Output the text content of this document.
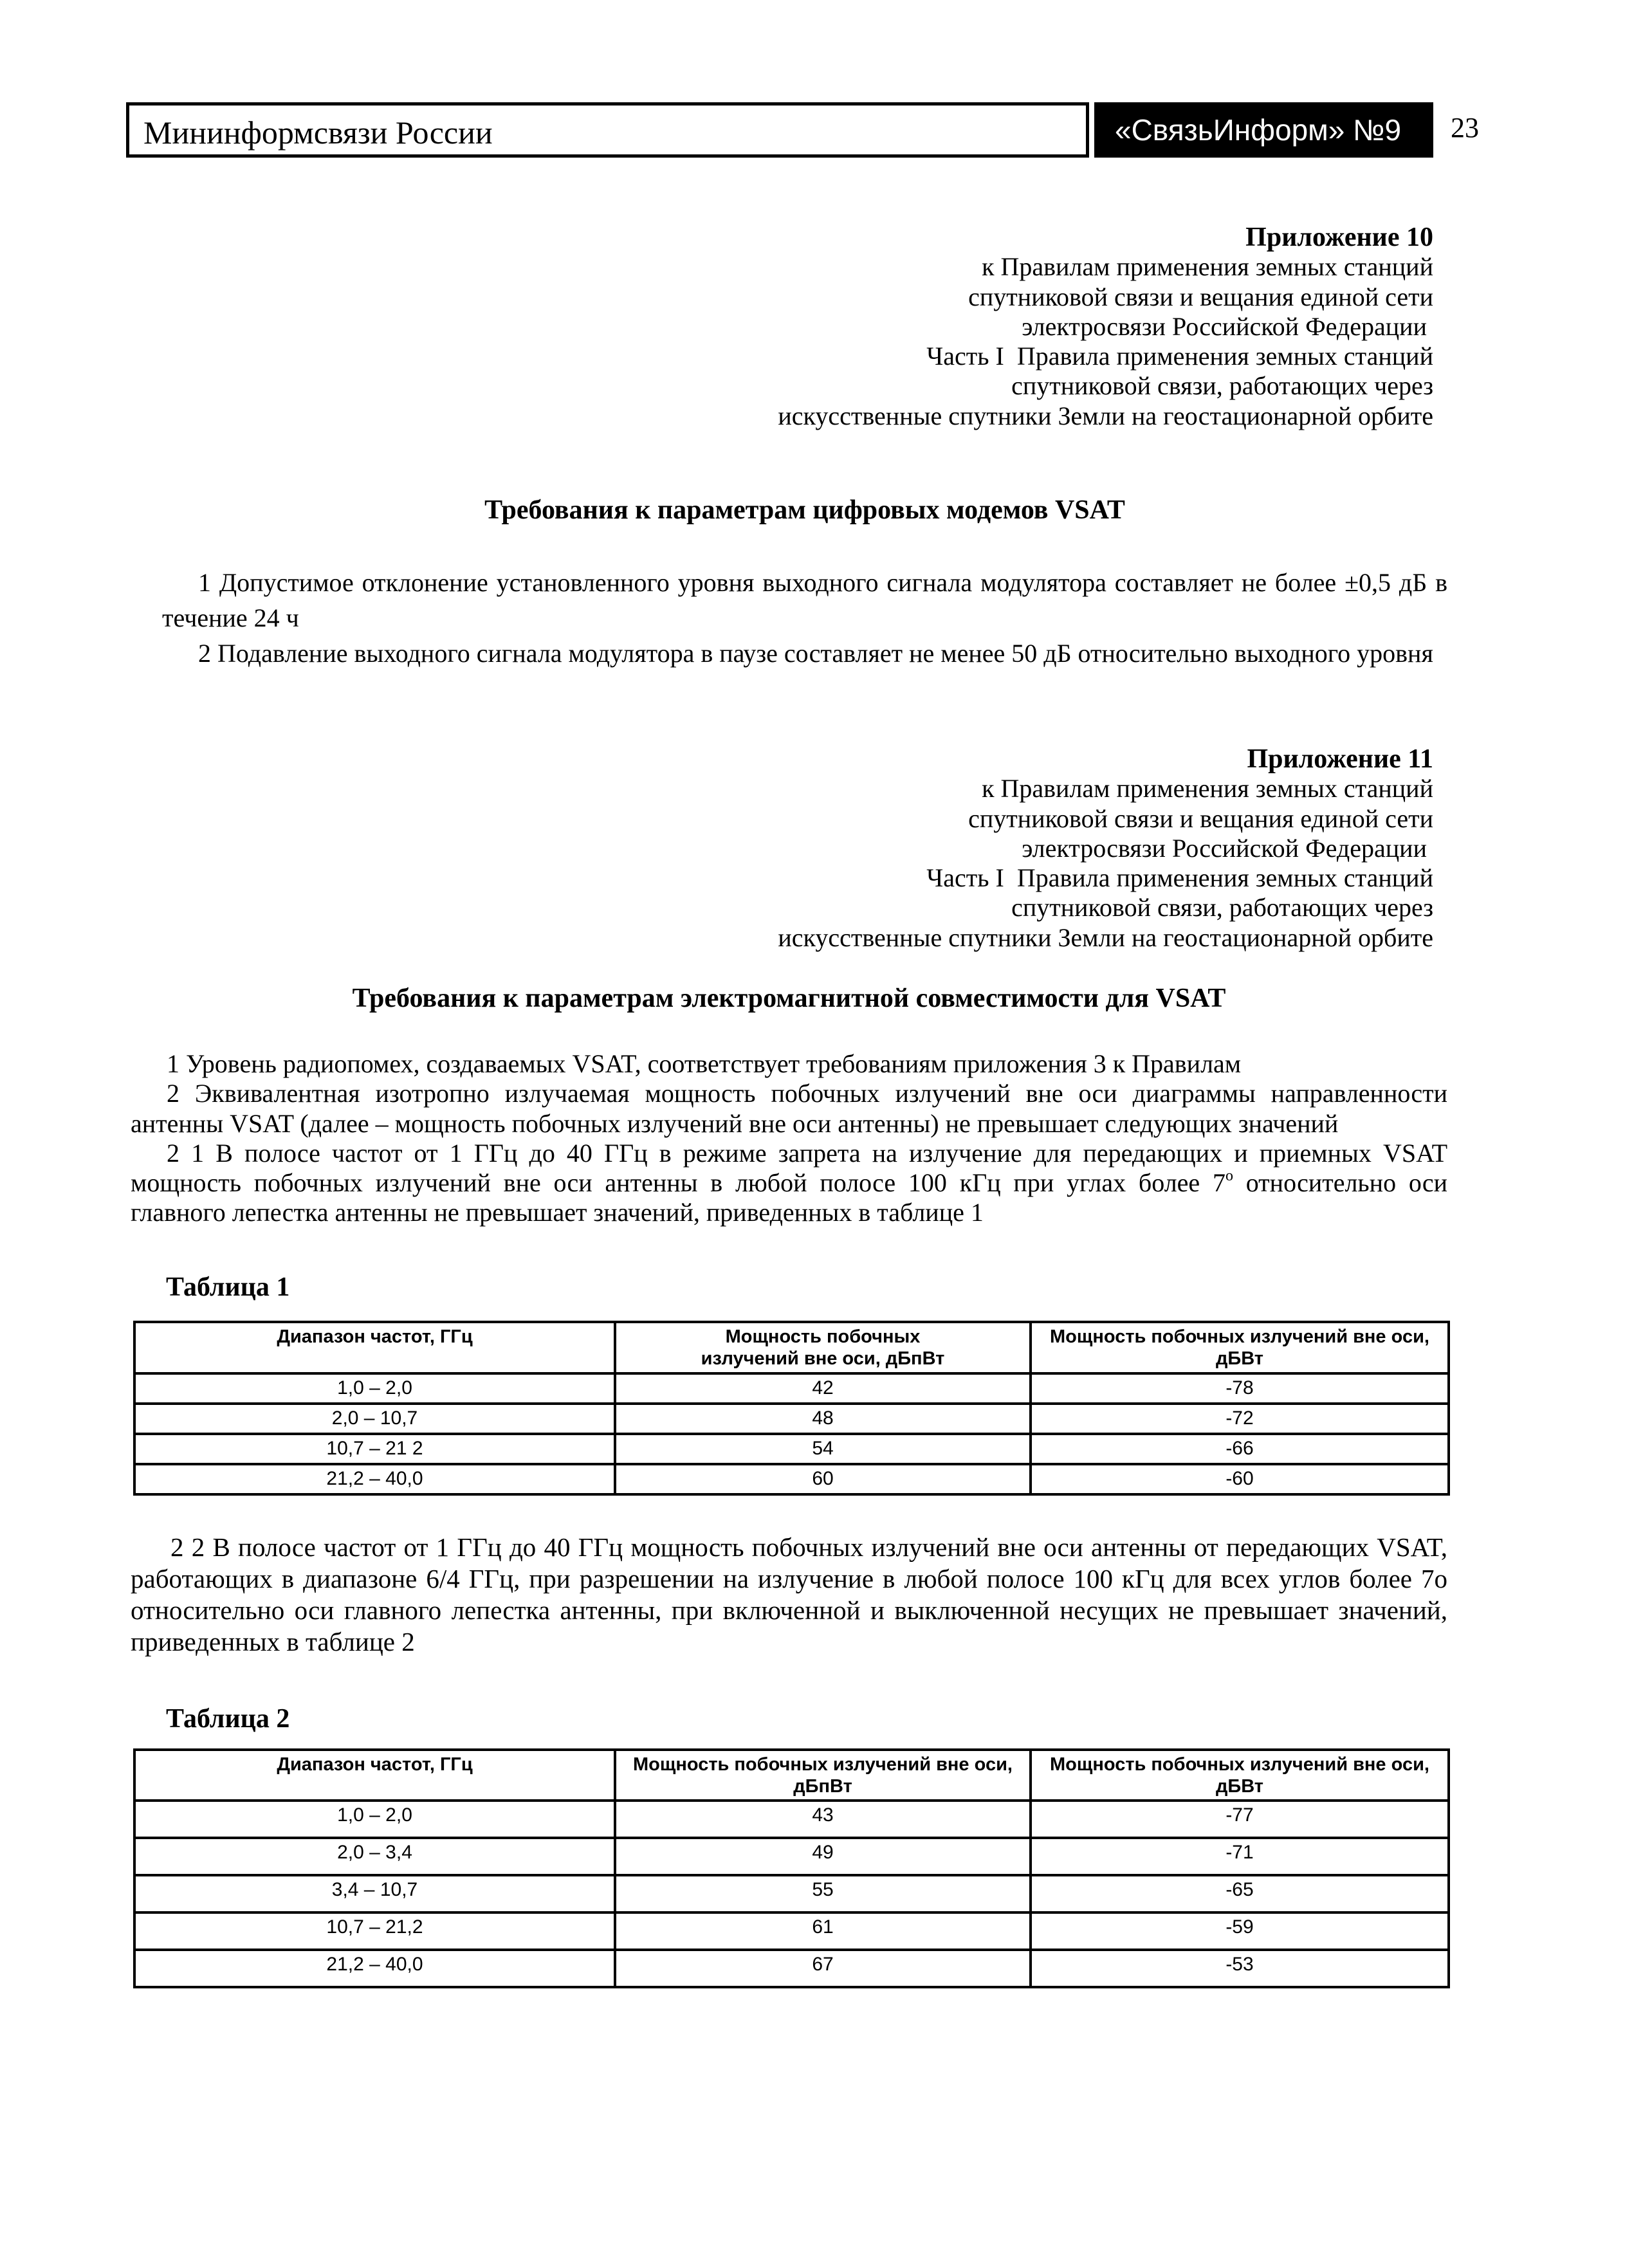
Мининформсвязи России	«СвязьИнформ» №9 23
Приложение 10
к Правилам применения земных станций
спутниковой связи и вещания единой сети
электросвязи Российской Федерации
Часть I  Правила применения земных станций
спутниковой связи, работающих через
искусственные спутники Земли на геостационарной орбите
Требования к параметрам цифровых модемов VSAT

1 Допустимое отклонение установленного уровня выходного сигнала модулятора составляет не более ±0,5 дБ в течение 24 ч

2 Подавление выходного сигнала модулятора в паузе составляет не менее 50 дБ относительно выходного уровня

Приложение 11
к Правилам применения земных станций
спутниковой связи и вещания единой сети
электросвязи Российской Федерации
Часть I  Правила применения земных станций
спутниковой связи, работающих через
искусственные спутники Земли на геостационарной орбите
Требования к параметрам электромагнитной совместимости для VSAT

1 Уровень радиопомех, создаваемых VSAT, соответствует требованиям приложения 3 к Правилам

2 Эквивалентная изотропно излучаемая мощность побочных излучений вне оси диаграммы направленности антенны VSAT (далее – мощность побочных излучений вне оси антенны) не превышает следующих значений

2 1 В полосе частот от 1 ГГц до 40 ГГц в режиме запрета на излучение для передающих и приемных VSAT мощность побочных излучений вне оси антенны в любой полосе 100 кГц при углах более $7^о$ относительно оси главного лепестка антенны не превышает значений, приведенных в таблице 1

Таблица 1
Диапазон частот, ГГц	Мощность побочных излучений вне оси, дБпВт	Мощность побочных излучений вне оси, дБВт
1,0 – 2,0	42	-78
2,0 – 10,7	48	-72
10,7 – 21 2	54	-66
21,2 – 40,0	60	-60

2 2 В полосе частот от 1 ГГц до 40 ГГц мощность побочных излучений вне оси антенны от передающих VSAT, работающих в диапазоне 6/4 ГГц, при разрешении на излучение в любой полосе 100 кГц для всех углов более 7о относительно оси главного лепестка антенны, при включенной и выключенной несущих не превышает значений, приведенных в таблице 2

Таблица 2
Диапазон частот, ГГц	Мощность побочных излучений вне оси, дБпВт	Мощность побочных излучений вне оси, дБВт
1,0 – 2,0	43	-77
2,0 – 3,4	49	-71
3,4 – 10,7	55	-65
10,7 – 21,2	61	-59
21,2 – 40,0	67	-53
